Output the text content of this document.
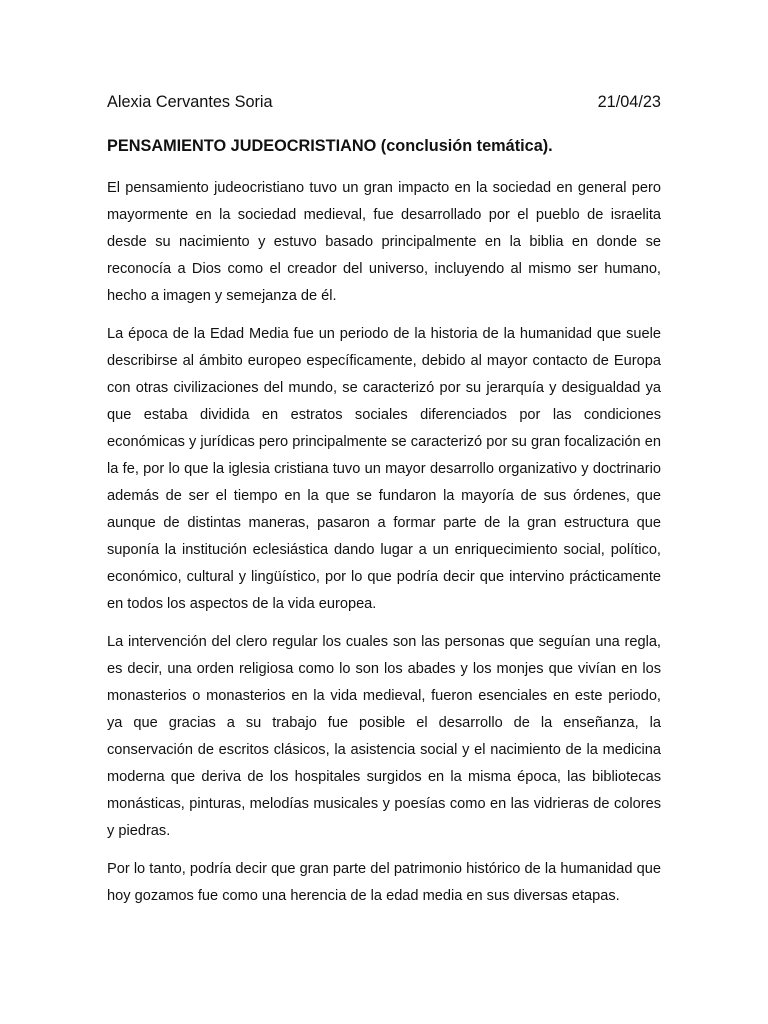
Alexia Cervantes Soria	21/04/23
PENSAMIENTO JUDEOCRISTIANO (conclusión temática).

El pensamiento judeocristiano tuvo un gran impacto en la sociedad en general pero mayormente en la sociedad medieval, fue desarrollado por el pueblo de israelita desde su nacimiento y estuvo basado principalmente en la biblia en donde se reconocía a Dios como el creador del universo, incluyendo al mismo ser humano, hecho a imagen y semejanza de él.

La época de la Edad Media fue un periodo de la historia de la humanidad que suele describirse al ámbito europeo específicamente, debido al mayor contacto de Europa con otras civilizaciones del mundo, se caracterizó por su jerarquía y desigualdad ya que estaba dividida en estratos sociales diferenciados por las condiciones económicas y jurídicas pero principalmente se caracterizó por su gran focalización en la fe, por lo que la iglesia cristiana tuvo un mayor desarrollo organizativo y doctrinario además de ser el tiempo en la que se fundaron la mayoría de sus órdenes, que aunque de distintas maneras, pasaron a formar parte de la gran estructura que suponía la institución eclesiástica dando lugar a un enriquecimiento social, político, económico, cultural y lingüístico, por lo que podría decir que intervino prácticamente en todos los aspectos de la vida europea.

La intervención del clero regular los cuales son las personas que seguían una regla, es decir, una orden religiosa como lo son los abades y los monjes que vivían en los monasterios o monasterios en la vida medieval, fueron esenciales en este periodo, ya que gracias a su trabajo fue posible el desarrollo de la enseñanza, la conservación de escritos clásicos, la asistencia social y el nacimiento de la medicina moderna que deriva de los hospitales surgidos en la misma época, las bibliotecas monásticas, pinturas, melodías musicales y poesías como en las vidrieras de colores y piedras.

Por lo tanto, podría decir que gran parte del patrimonio histórico de la humanidad que hoy gozamos fue como una herencia de la edad media en sus diversas etapas.
